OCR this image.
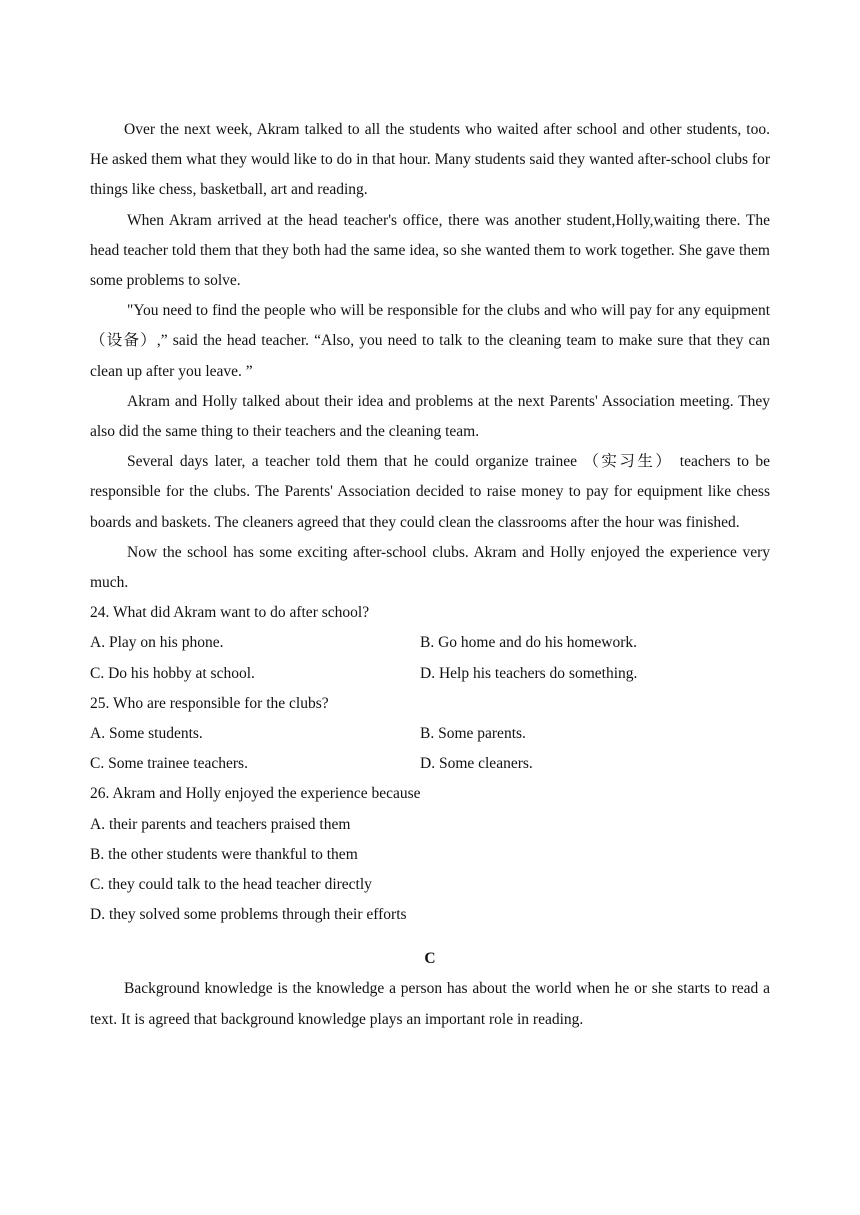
Over the next week, Akram talked to all the students who waited after school and other students, too. He asked them what they would like to do in that hour. Many students said they wanted after-school clubs for things like chess, basketball, art and reading.

When Akram arrived at the head teacher's office, there was another student,Holly,waiting there. The head teacher told them that they both had the same idea, so she wanted them to work together. She gave them some problems to solve.

"You need to find the people who will be responsible for the clubs and who will pay for any equipment（设备）,” said the head teacher. “Also, you need to talk to the cleaning team to make sure that they can clean up after you leave. ”

Akram and Holly talked about their idea and problems at the next Parents' Association meeting. They also did the same thing to their teachers and the cleaning team.

Several days later, a teacher told them that he could organize trainee （实习生） teachers to be responsible for the clubs. The Parents' Association decided to raise money to pay for equipment like chess boards and baskets. The cleaners agreed that they could clean the classrooms after the hour was finished.

Now the school has some exciting after-school clubs. Akram and Holly enjoyed the experience very much.

24. What did Akram want to do after school?

A. Play on his phone.	B. Go home and do his homework.
C. Do his hobby at school.	D. Help his teachers do something.

25. Who are responsible for the clubs?

A. Some students.	B. Some parents.
C. Some trainee teachers.	D. Some cleaners.

26. Akram and Holly enjoyed the experience because

A. their parents and teachers praised them

B. the other students were thankful to them

C. they could talk to the head teacher directly

D. they solved some problems through their efforts

C

Background knowledge is the knowledge a person has about the world when he or she starts to read a text. It is agreed that background knowledge plays an important role in reading.
